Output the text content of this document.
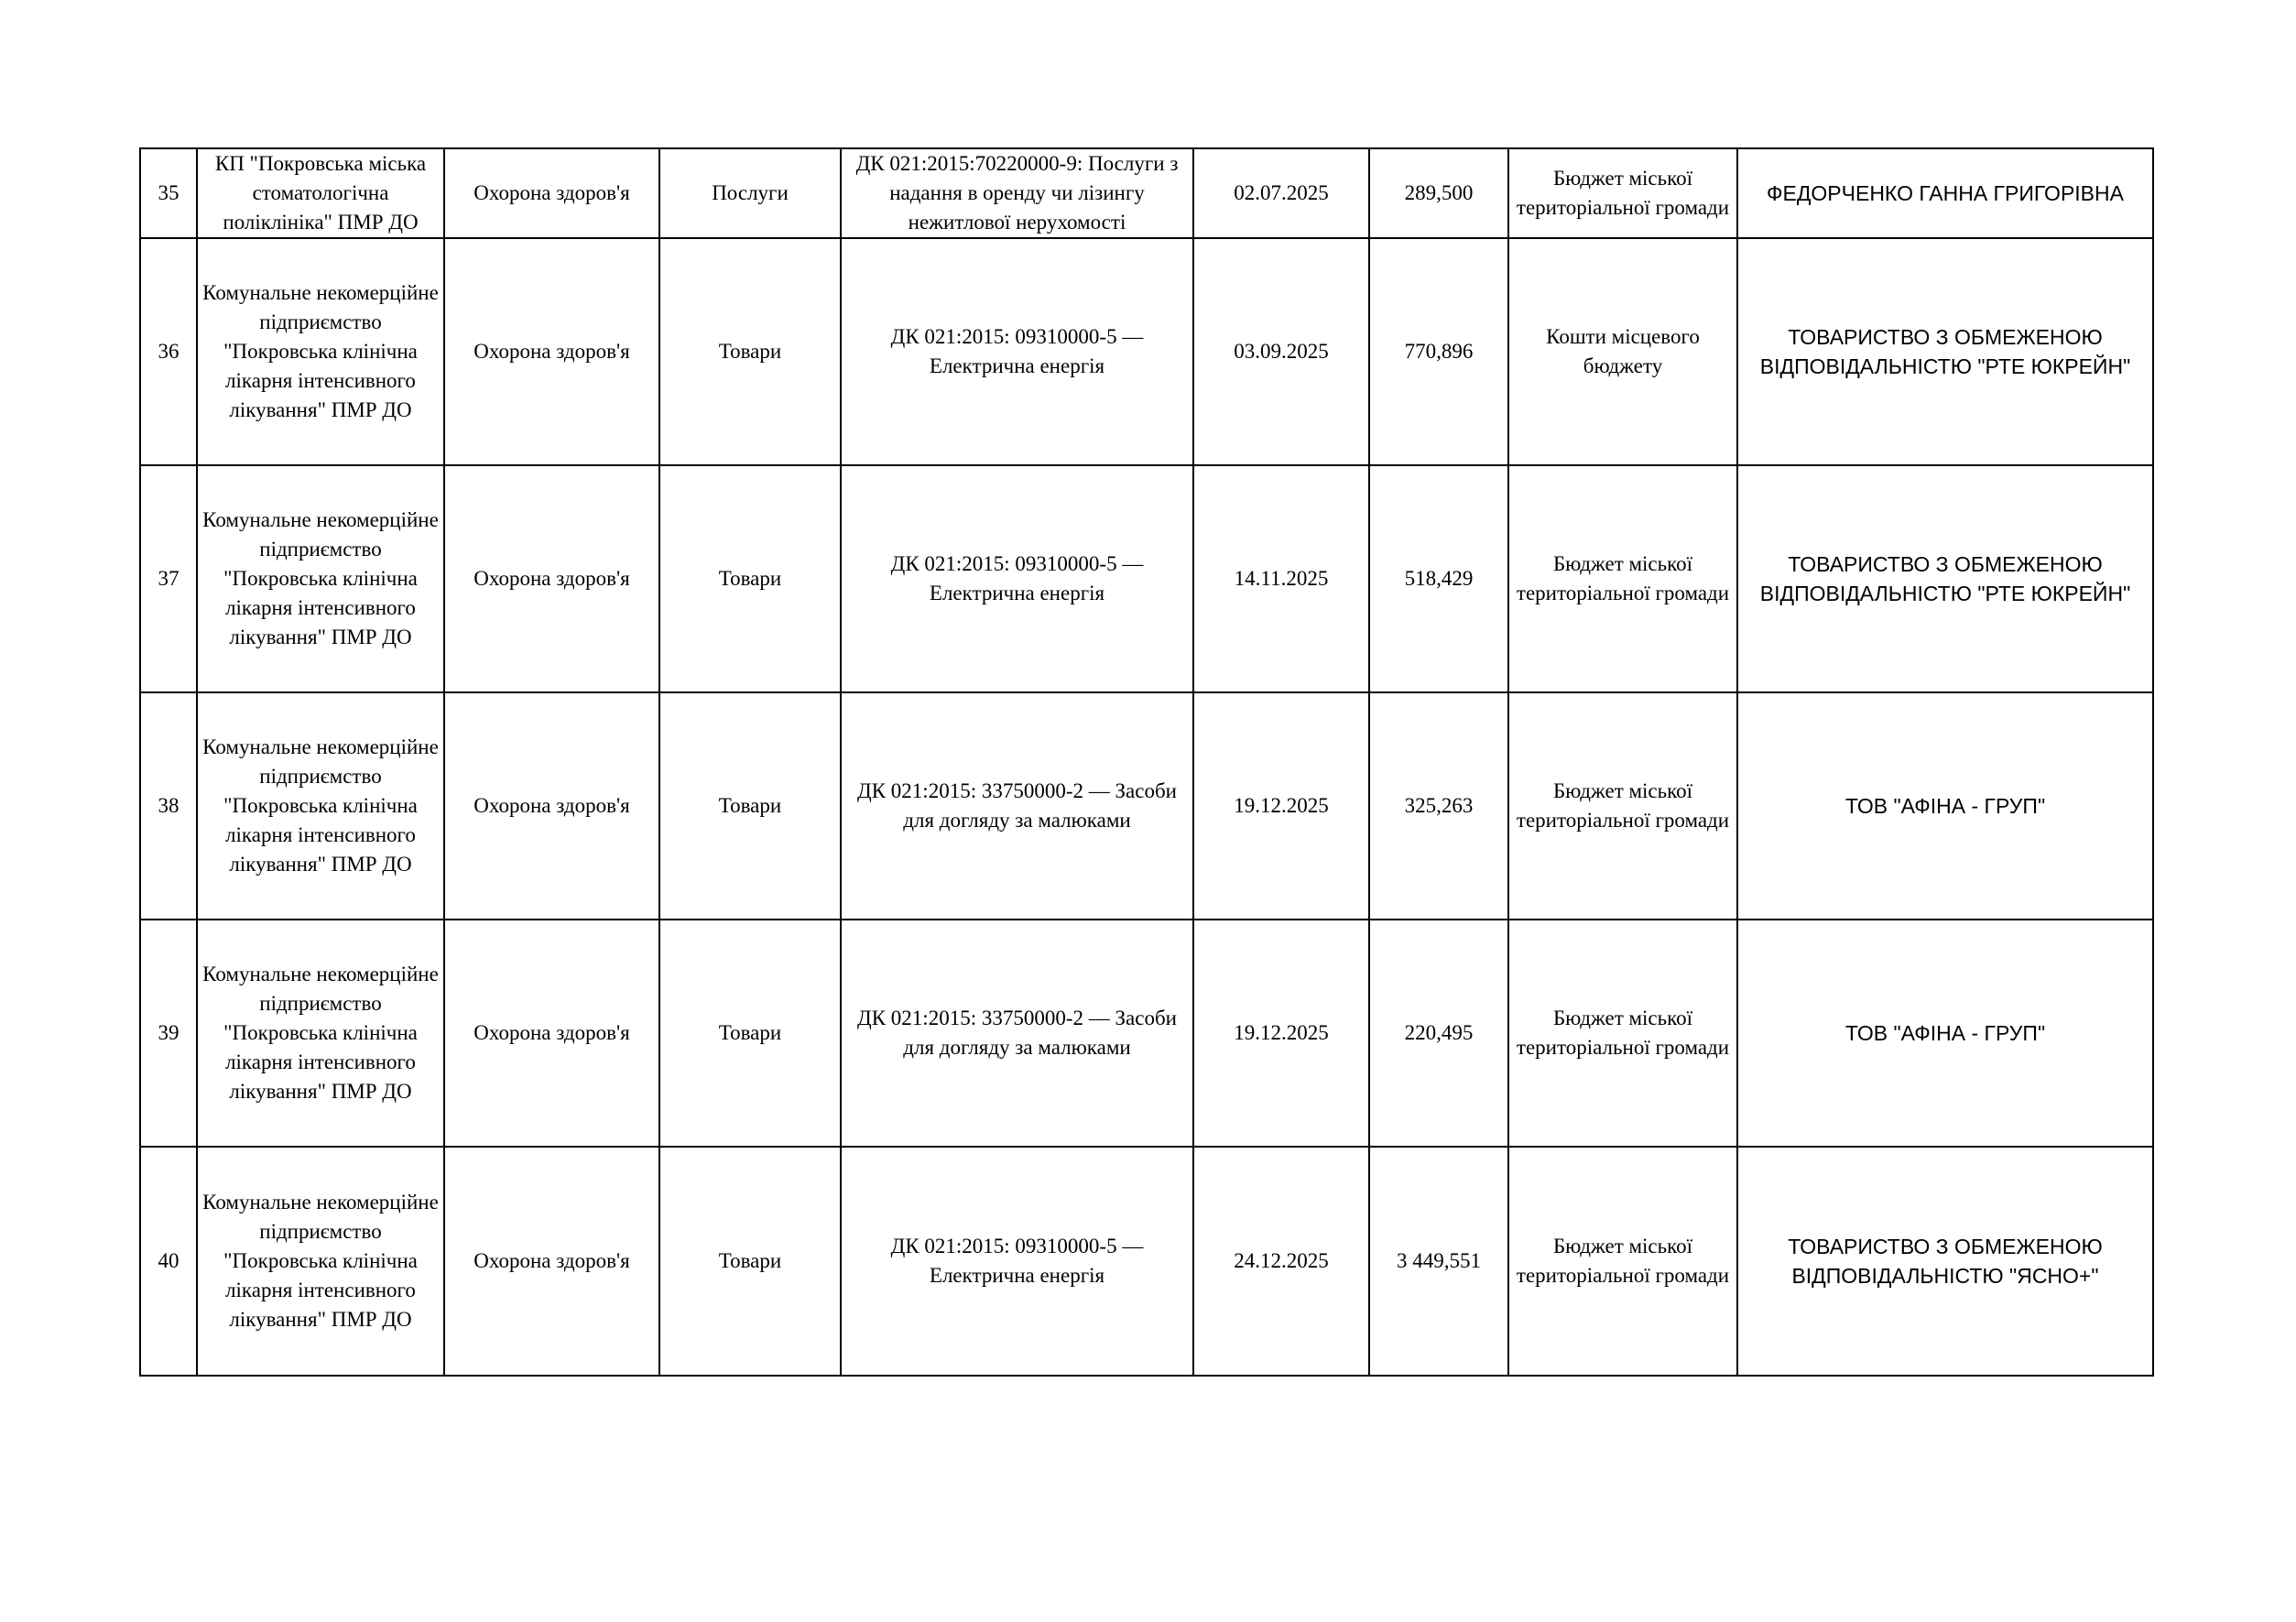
35	КП "Покровська міська стоматологічна поліклініка" ПМР ДО	Охорона здоров'я	Послуги	ДК 021:2015:70220000-9: Послуги з надання в оренду чи лізингу нежитлової нерухомості	02.07.2025	289,500	Бюджет міської територіальної громади	ФЕДОРЧЕНКО ГАННА ГРИГОРІВНА
36	Комунальне некомерційне підприємство "Покровська клінічна лікарня інтенсивного лікування" ПМР ДО	Охорона здоров'я	Товари	ДК 021:2015: 09310000-5 — Електрична енергія	03.09.2025	770,896	Кошти місцевого бюджету	ТОВАРИСТВО З ОБМЕЖЕНОЮ ВІДПОВІДАЛЬНІСТЮ "РТЕ ЮКРЕЙН"
37	Комунальне некомерційне підприємство "Покровська клінічна лікарня інтенсивного лікування" ПМР ДО	Охорона здоров'я	Товари	ДК 021:2015: 09310000-5 — Електрична енергія	14.11.2025	518,429	Бюджет міської територіальної громади	ТОВАРИСТВО З ОБМЕЖЕНОЮ ВІДПОВІДАЛЬНІСТЮ "РТЕ ЮКРЕЙН"
38	Комунальне некомерційне підприємство "Покровська клінічна лікарня інтенсивного лікування" ПМР ДО	Охорона здоров'я	Товари	ДК 021:2015: 33750000-2 — Засоби для догляду за малюками	19.12.2025	325,263	Бюджет міської територіальної громади	ТОВ "АФІНА - ГРУП"
39	Комунальне некомерційне підприємство "Покровська клінічна лікарня інтенсивного лікування" ПМР ДО	Охорона здоров'я	Товари	ДК 021:2015: 33750000-2 — Засоби для догляду за малюками	19.12.2025	220,495	Бюджет міської територіальної громади	ТОВ "АФІНА - ГРУП"
40	Комунальне некомерційне підприємство "Покровська клінічна лікарня інтенсивного лікування" ПМР ДО	Охорона здоров'я	Товари	ДК 021:2015: 09310000-5 — Електрична енергія	24.12.2025	3 449,551	Бюджет міської територіальної громади	ТОВАРИСТВО З ОБМЕЖЕНОЮ ВІДПОВІДАЛЬНІСТЮ "ЯСНО+"
